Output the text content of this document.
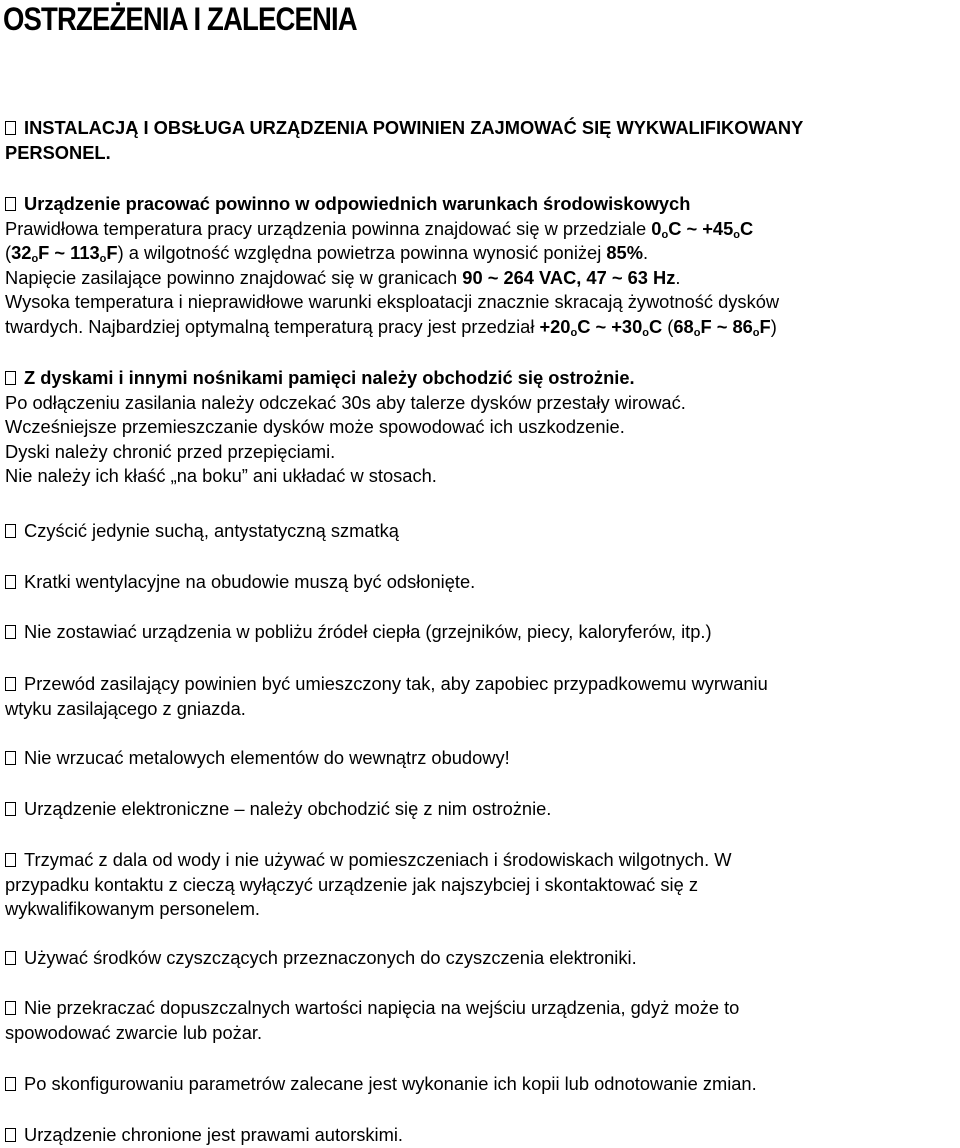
OSTRZEŻENIA I ZALECENIA
INSTALACJĄ I OBSŁUGA URZĄDZENIA POWINIEN ZAJMOWAĆ SIĘ WYKWALIFIKOWANY
PERSONEL.
Urządzenie pracować powinno w odpowiednich warunkach środowiskowych
Prawidłowa temperatura pracy urządzenia powinna znajdować się w przedziale $0_oC$ ~ $+45_oC$
($32_oF$ ~ $113_oF$) a wilgotność względna powietrza powinna wynosić poniżej 85%.
Napięcie zasilające powinno znajdować się w granicach 90 ~ 264 VAC, 47 ~ 63 Hz.
Wysoka temperatura i nieprawidłowe warunki eksploatacji znacznie skracają żywotność dysków
twardych. Najbardziej optymalną temperaturą pracy jest przedział $+20_oC$ ~ $+30_oC$ ($68_oF$ ~ $86_oF$)
Z dyskami i innymi nośnikami pamięci należy obchodzić się ostrożnie.
Po odłączeniu zasilania należy odczekać 30s aby talerze dysków przestały wirować.
Wcześniejsze przemieszczanie dysków może spowodować ich uszkodzenie.
Dyski należy chronić przed przepięciami.
Nie należy ich kłaść „na boku” ani układać w stosach.
Czyścić jedynie suchą, antystatyczną szmatką
Kratki wentylacyjne na obudowie muszą być odsłonięte.
Nie zostawiać urządzenia w pobliżu źródeł ciepła (grzejników, piecy, kaloryferów, itp.)
Przewód zasilający powinien być umieszczony tak, aby zapobiec przypadkowemu wyrwaniu
wtyku zasilającego z gniazda.
Nie wrzucać metalowych elementów do wewnątrz obudowy!
Urządzenie elektroniczne – należy obchodzić się z nim ostrożnie.
Trzymać z dala od wody i nie używać w pomieszczeniach i środowiskach wilgotnych. W
przypadku kontaktu z cieczą wyłączyć urządzenie jak najszybciej i skontaktować się z
wykwalifikowanym personelem.
Używać środków czyszczących przeznaczonych do czyszczenia elektroniki.
Nie przekraczać dopuszczalnych wartości napięcia na wejściu urządzenia, gdyż może to
spowodować zwarcie lub pożar.
Po skonfigurowaniu parametrów zalecane jest wykonanie ich kopii lub odnotowanie zmian.
Urządzenie chronione jest prawami autorskimi.
